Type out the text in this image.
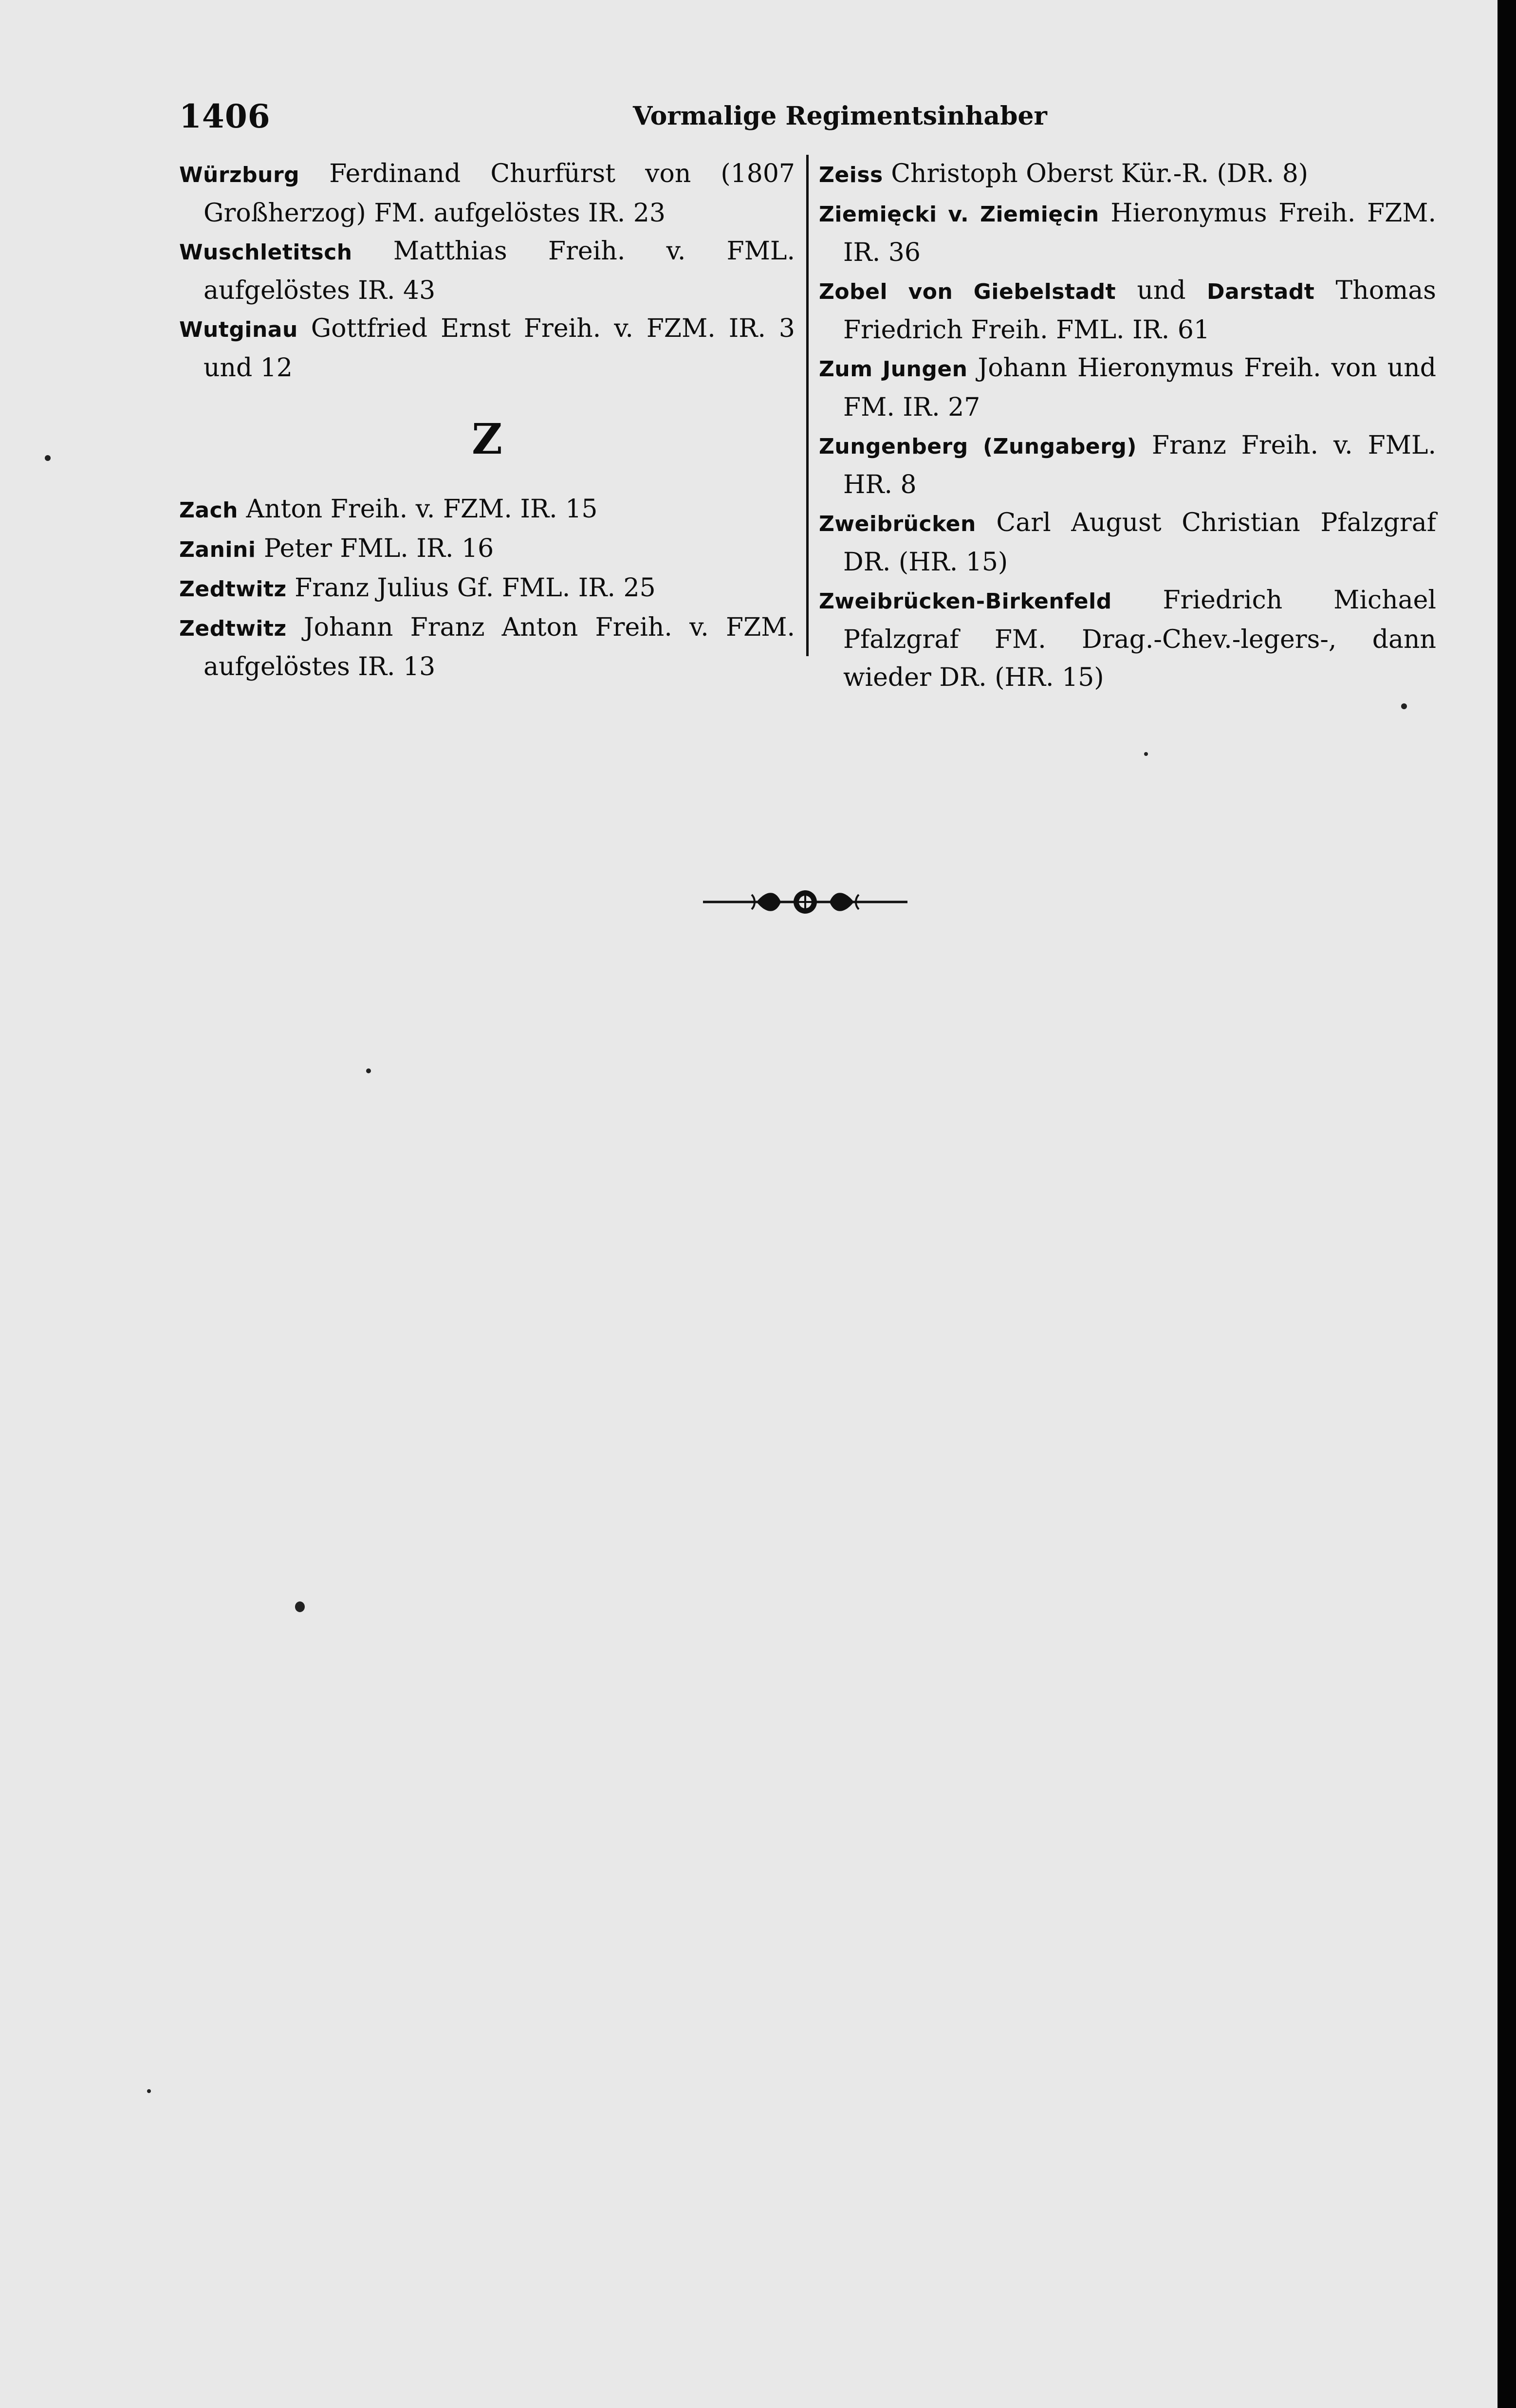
1406	Vormalige Regimentsinhaber
Würzburg Ferdinand Churfürst von (1807 Großherzog) FM. aufgelöstes IR. 23
Wuschletitsch Matthias Freih. v. FML. aufgelöstes IR. 43
Wutginau Gottfried Ernst Freih. v. FZM. IR. 3 und 12
Z
Zach Anton Freih. v. FZM. IR. 15
Zanini Peter FML. IR. 16
Zedtwitz Franz Julius Gf. FML. IR. 25
Zedtwitz Johann Franz Anton Freih. v. FZM. aufgelöstes IR. 13
Zeiss Christoph Oberst Kür.-R. (DR. 8)
Ziemięcki v. Ziemięcin Hieronymus Freih. FZM. IR. 36
Zobel von Giebelstadt und Darstadt Thomas Friedrich Freih. FML. IR. 61
Zum Jungen Johann Hieronymus Freih. von und FM. IR. 27
Zungenberg (Zungaberg) Franz Freih. v. FML. HR. 8
Zweibrücken Carl August Christian Pfalzgraf DR. (HR. 15)
Zweibrücken-Birkenfeld Friedrich Michael Pfalzgraf FM. Drag.-Chev.-legers-, dann wieder DR. (HR. 15)
